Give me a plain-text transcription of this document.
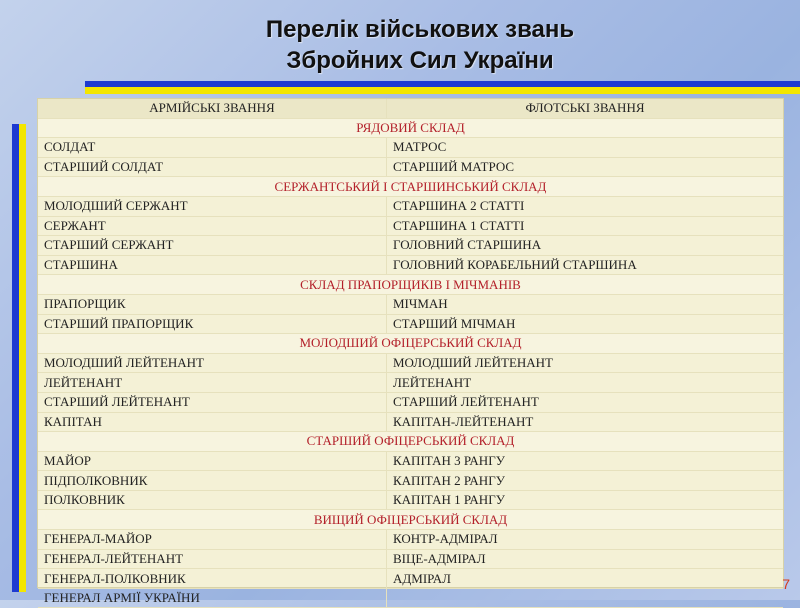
Перелік військових звань
Збройних Сил України
АРМІЙСЬКІ ЗВАННЯ	ФЛОТСЬКІ ЗВАННЯ
РЯДОВИЙ СКЛАД	
СОЛДАТ	МАТРОС
СТАРШИЙ СОЛДАТ	СТАРШИЙ МАТРОС
СЕРЖАНТСЬКИЙ І СТАРШИНСЬКИЙ СКЛАД	
МОЛОДШИЙ СЕРЖАНТ	СТАРШИНА 2 СТАТТІ
СЕРЖАНТ	СТАРШИНА 1 СТАТТІ
СТАРШИЙ СЕРЖАНТ	ГОЛОВНИЙ СТАРШИНА
СТАРШИНА	ГОЛОВНИЙ КОРАБЕЛЬНИЙ СТАРШИНА
СКЛАД ПРАПОРЩИКІВ І МІЧМАНІВ	
ПРАПОРЩИК	МІЧМАН
СТАРШИЙ ПРАПОРЩИК	СТАРШИЙ МІЧМАН
МОЛОДШИЙ ОФІЦЕРСЬКИЙ СКЛАД	
МОЛОДШИЙ ЛЕЙТЕНАНТ	МОЛОДШИЙ ЛЕЙТЕНАНТ
ЛЕЙТЕНАНТ	ЛЕЙТЕНАНТ
СТАРШИЙ ЛЕЙТЕНАНТ	СТАРШИЙ ЛЕЙТЕНАНТ
КАПІТАН	КАПІТАН-ЛЕЙТЕНАНТ
СТАРШИЙ ОФІЦЕРСЬКИЙ СКЛАД	
МАЙОР	КАПІТАН 3 РАНГУ
ПІДПОЛКОВНИК	КАПІТАН 2 РАНГУ
ПОЛКОВНИК	КАПІТАН 1 РАНГУ
ВИЩИЙ ОФІЦЕРСЬКИЙ СКЛАД	
ГЕНЕРАЛ-МАЙОР	КОНТР-АДМІРАЛ
ГЕНЕРАЛ-ЛЕЙТЕНАНТ	ВІЦЕ-АДМІРАЛ
ГЕНЕРАЛ-ПОЛКОВНИК	АДМІРАЛ
ГЕНЕРАЛ АРМІЇ УКРАЇНИ	
7
